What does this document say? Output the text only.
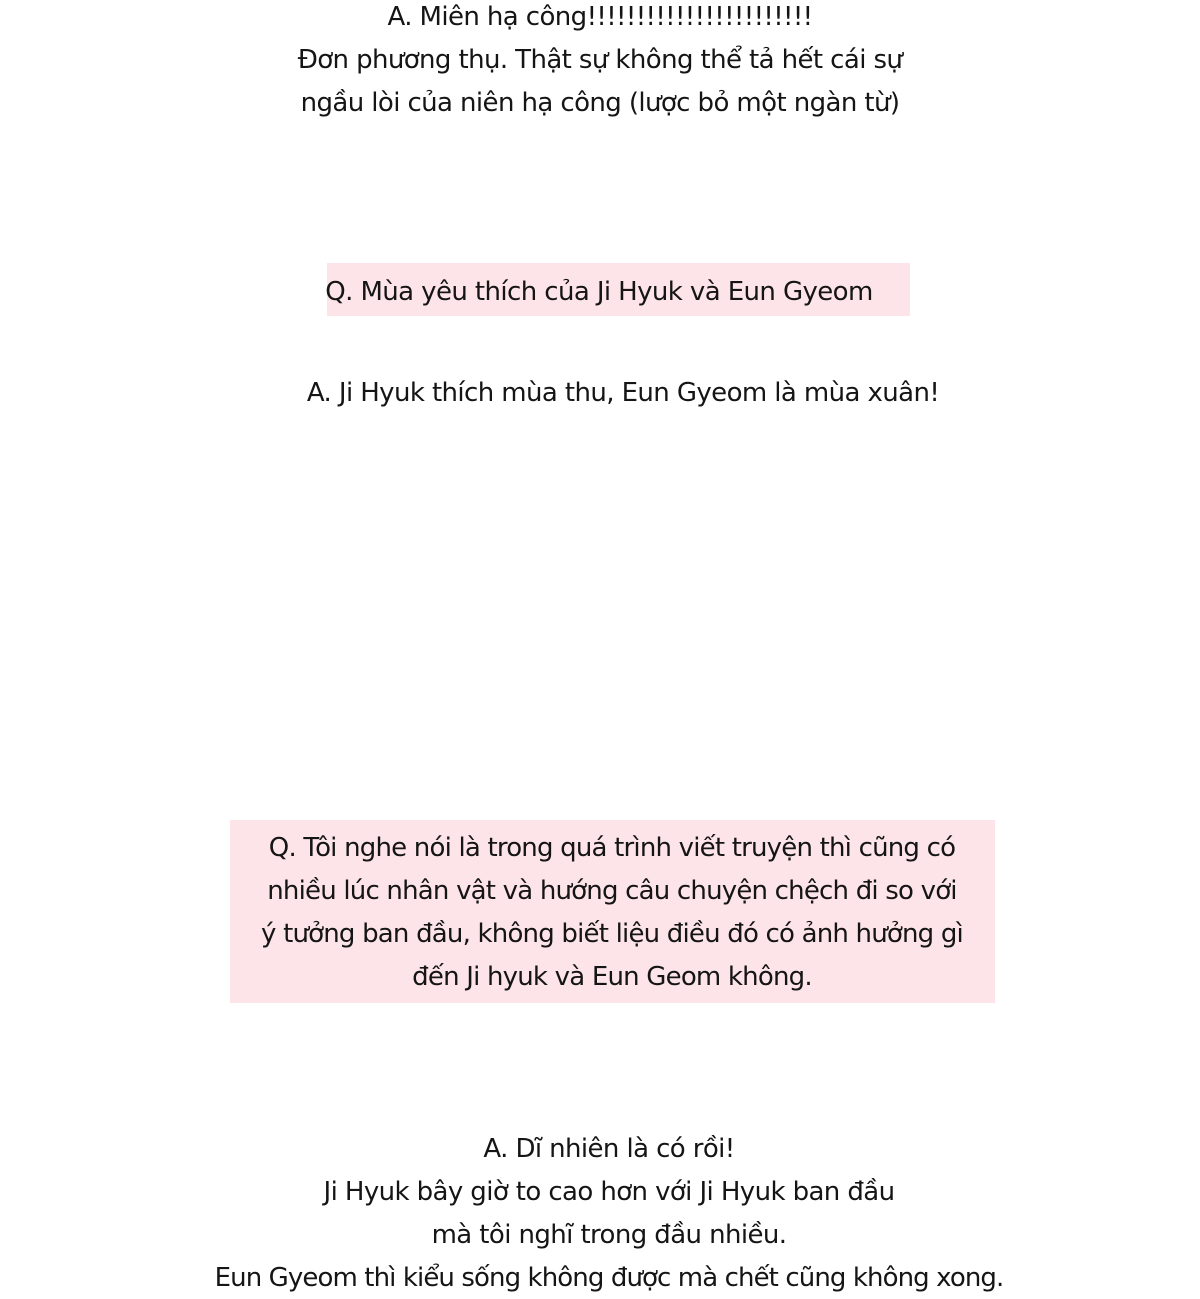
A. Miên hạ công!!!!!!!!!!!!!!!!!!!!!!!
Đơn phương thụ. Thật sự không thể tả hết cái sự
ngầu lòi của niên hạ công (lược bỏ một ngàn từ)
Q. Mùa yêu thích của Ji Hyuk và Eun Gyeom
A. Ji Hyuk thích mùa thu, Eun Gyeom là mùa xuân!
Q. Tôi nghe nói là trong quá trình viết truyện thì cũng có
nhiều lúc nhân vật và hướng câu chuyện chệch đi so với
ý tưởng ban đầu, không biết liệu điều đó có ảnh hưởng gì
đến Ji hyuk và Eun Geom không.
A. Dĩ nhiên là có rồi!
Ji Hyuk bây giờ to cao hơn với Ji Hyuk ban đầu
mà tôi nghĩ trong đầu nhiều.
Eun Gyeom thì kiểu sống không được mà chết cũng không xong.
